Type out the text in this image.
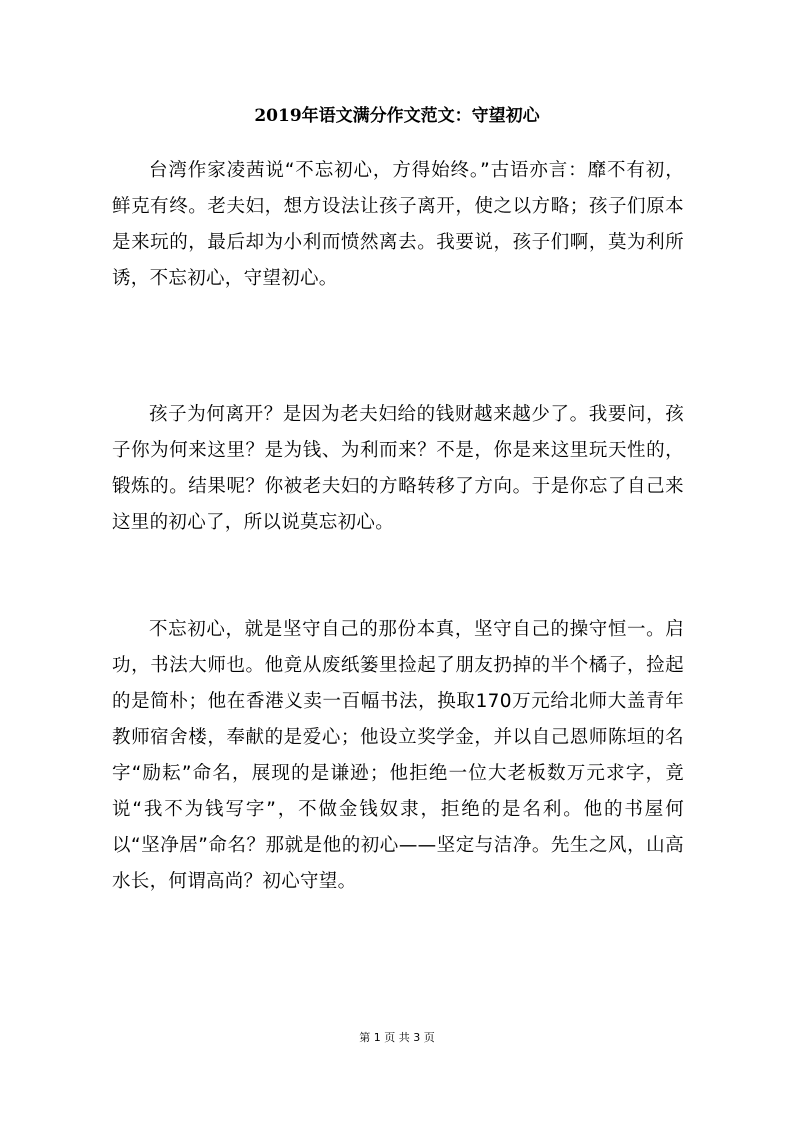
2019年语文满分作文范文：守望初心

台湾作家凌茜说“不忘初心，方得始终。”古语亦言：靡不有初，鲜克有终。老夫妇，想方设法让孩子离开，使之以方略；孩子们原本是来玩的，最后却为小利而愤然离去。我要说，孩子们啊，莫为利所诱，不忘初心，守望初心。

孩子为何离开？是因为老夫妇给的钱财越来越少了。我要问，孩子你为何来这里？是为钱、为利而来？不是，你是来这里玩天性的，锻炼的。结果呢？你被老夫妇的方略转移了方向。于是你忘了自己来这里的初心了，所以说莫忘初心。

不忘初心，就是坚守自己的那份本真，坚守自己的操守恒一。启功，书法大师也。他竟从废纸篓里捡起了朋友扔掉的半个橘子，捡起的是简朴；他在香港义卖一百幅书法，换取170万元给北师大盖青年教师宿舍楼，奉献的是爱心；他设立奖学金，并以自己恩师陈垣的名字“励耘”命名，展现的是谦逊；他拒绝一位大老板数万元求字，竟说“我不为钱写字”，不做金钱奴隶，拒绝的是名利。他的书屋何以“坚净居”命名？那就是他的初心——坚定与洁净。先生之风，山高水长，何谓高尚？初心守望。

第 1 页 共 3 页
